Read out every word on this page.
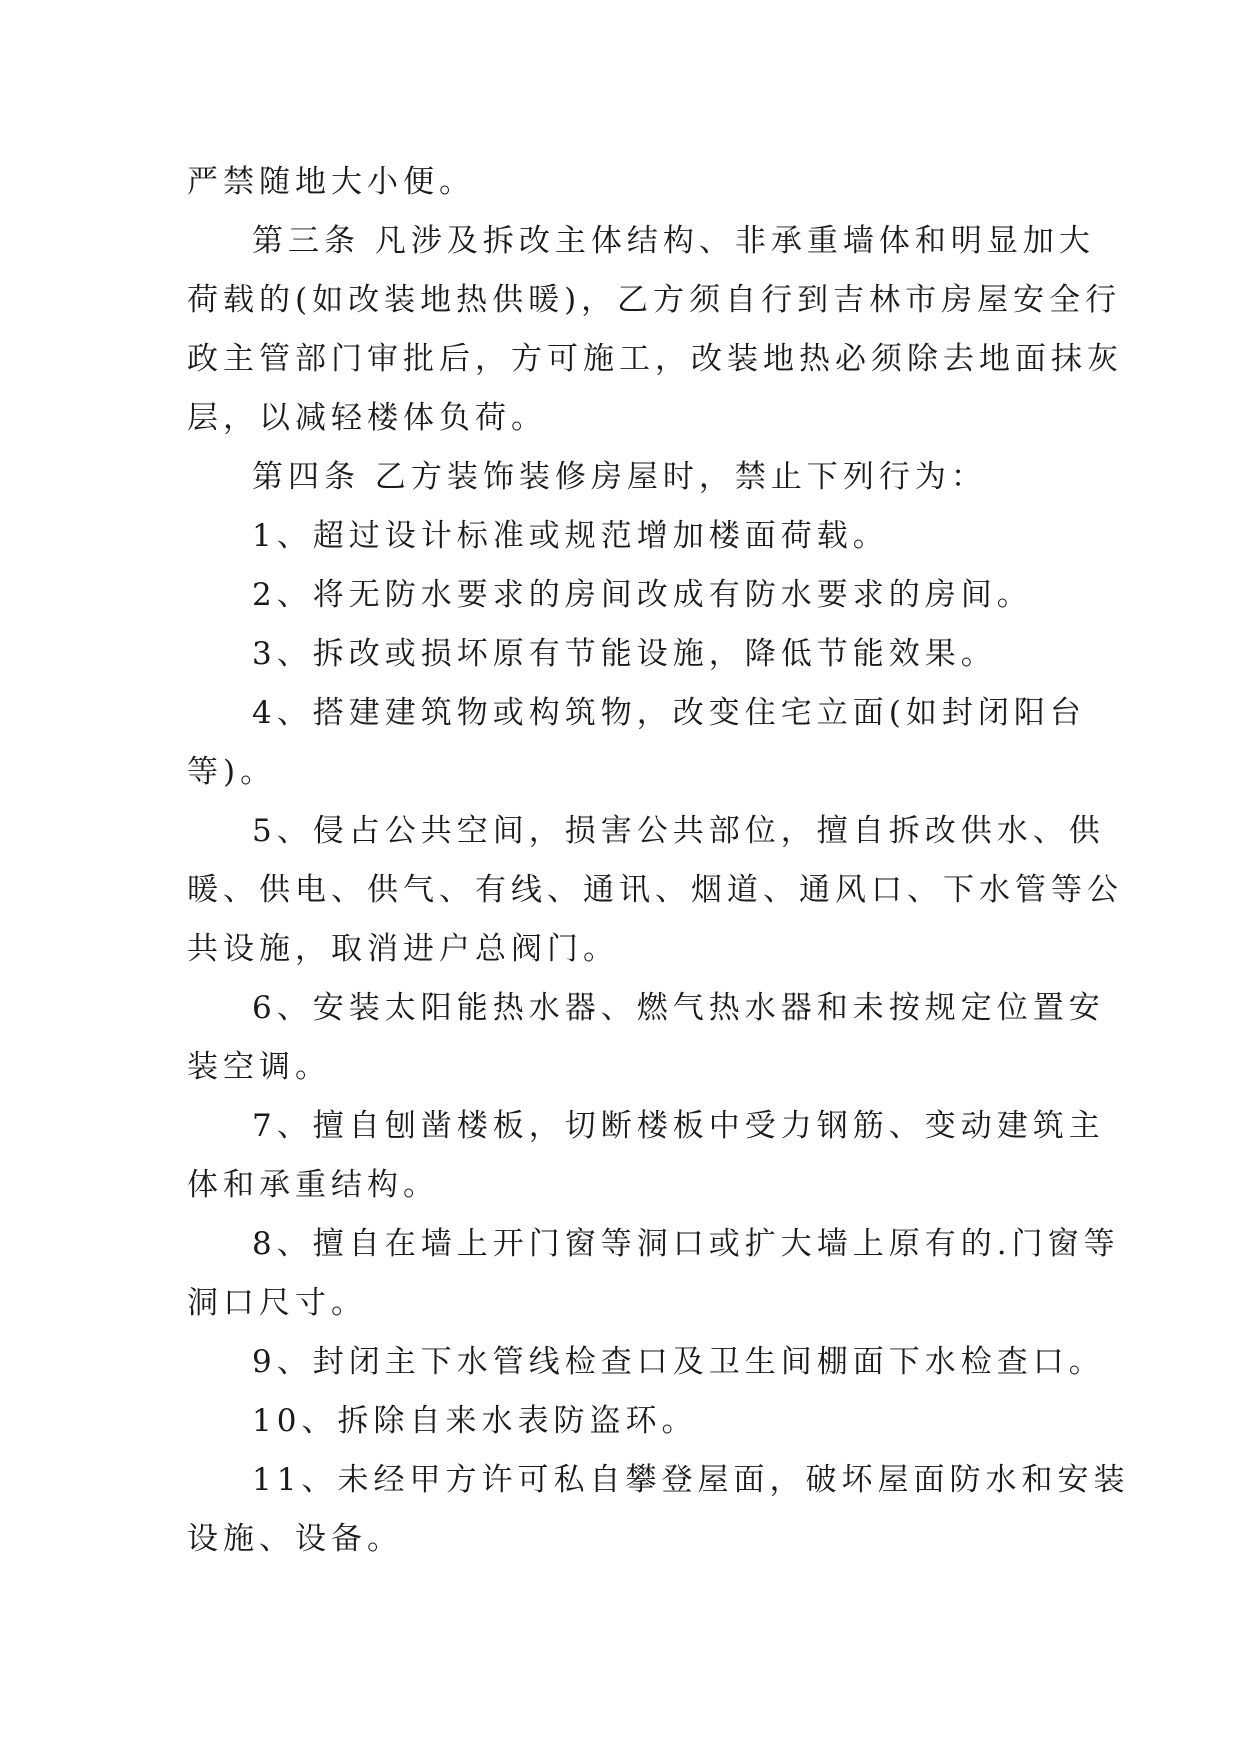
严禁随地大小便。
第三条 凡涉及拆改主体结构、非承重墙体和明显加大
荷载的(如改装地热供暖)，乙方须自行到吉林市房屋安全行
政主管部门审批后，方可施工，改装地热必须除去地面抹灰
层，以减轻楼体负荷。
第四条 乙方装饰装修房屋时，禁止下列行为：
1、超过设计标准或规范增加楼面荷载。
2、将无防水要求的房间改成有防水要求的房间。
3、拆改或损坏原有节能设施，降低节能效果。
4、搭建建筑物或构筑物，改变住宅立面(如封闭阳台
等)。
5、侵占公共空间，损害公共部位，擅自拆改供水、供
暖、供电、供气、有线、通讯、烟道、通风口、下水管等公
共设施，取消进户总阀门。
6、安装太阳能热水器、燃气热水器和未按规定位置安
装空调。
7、擅自刨凿楼板，切断楼板中受力钢筋、变动建筑主
体和承重结构。
8、擅自在墙上开门窗等洞口或扩大墙上原有的.门窗等
洞口尺寸。
9、封闭主下水管线检查口及卫生间棚面下水检查口。
10、拆除自来水表防盗环。
11、未经甲方许可私自攀登屋面，破坏屋面防水和安装
设施、设备。
